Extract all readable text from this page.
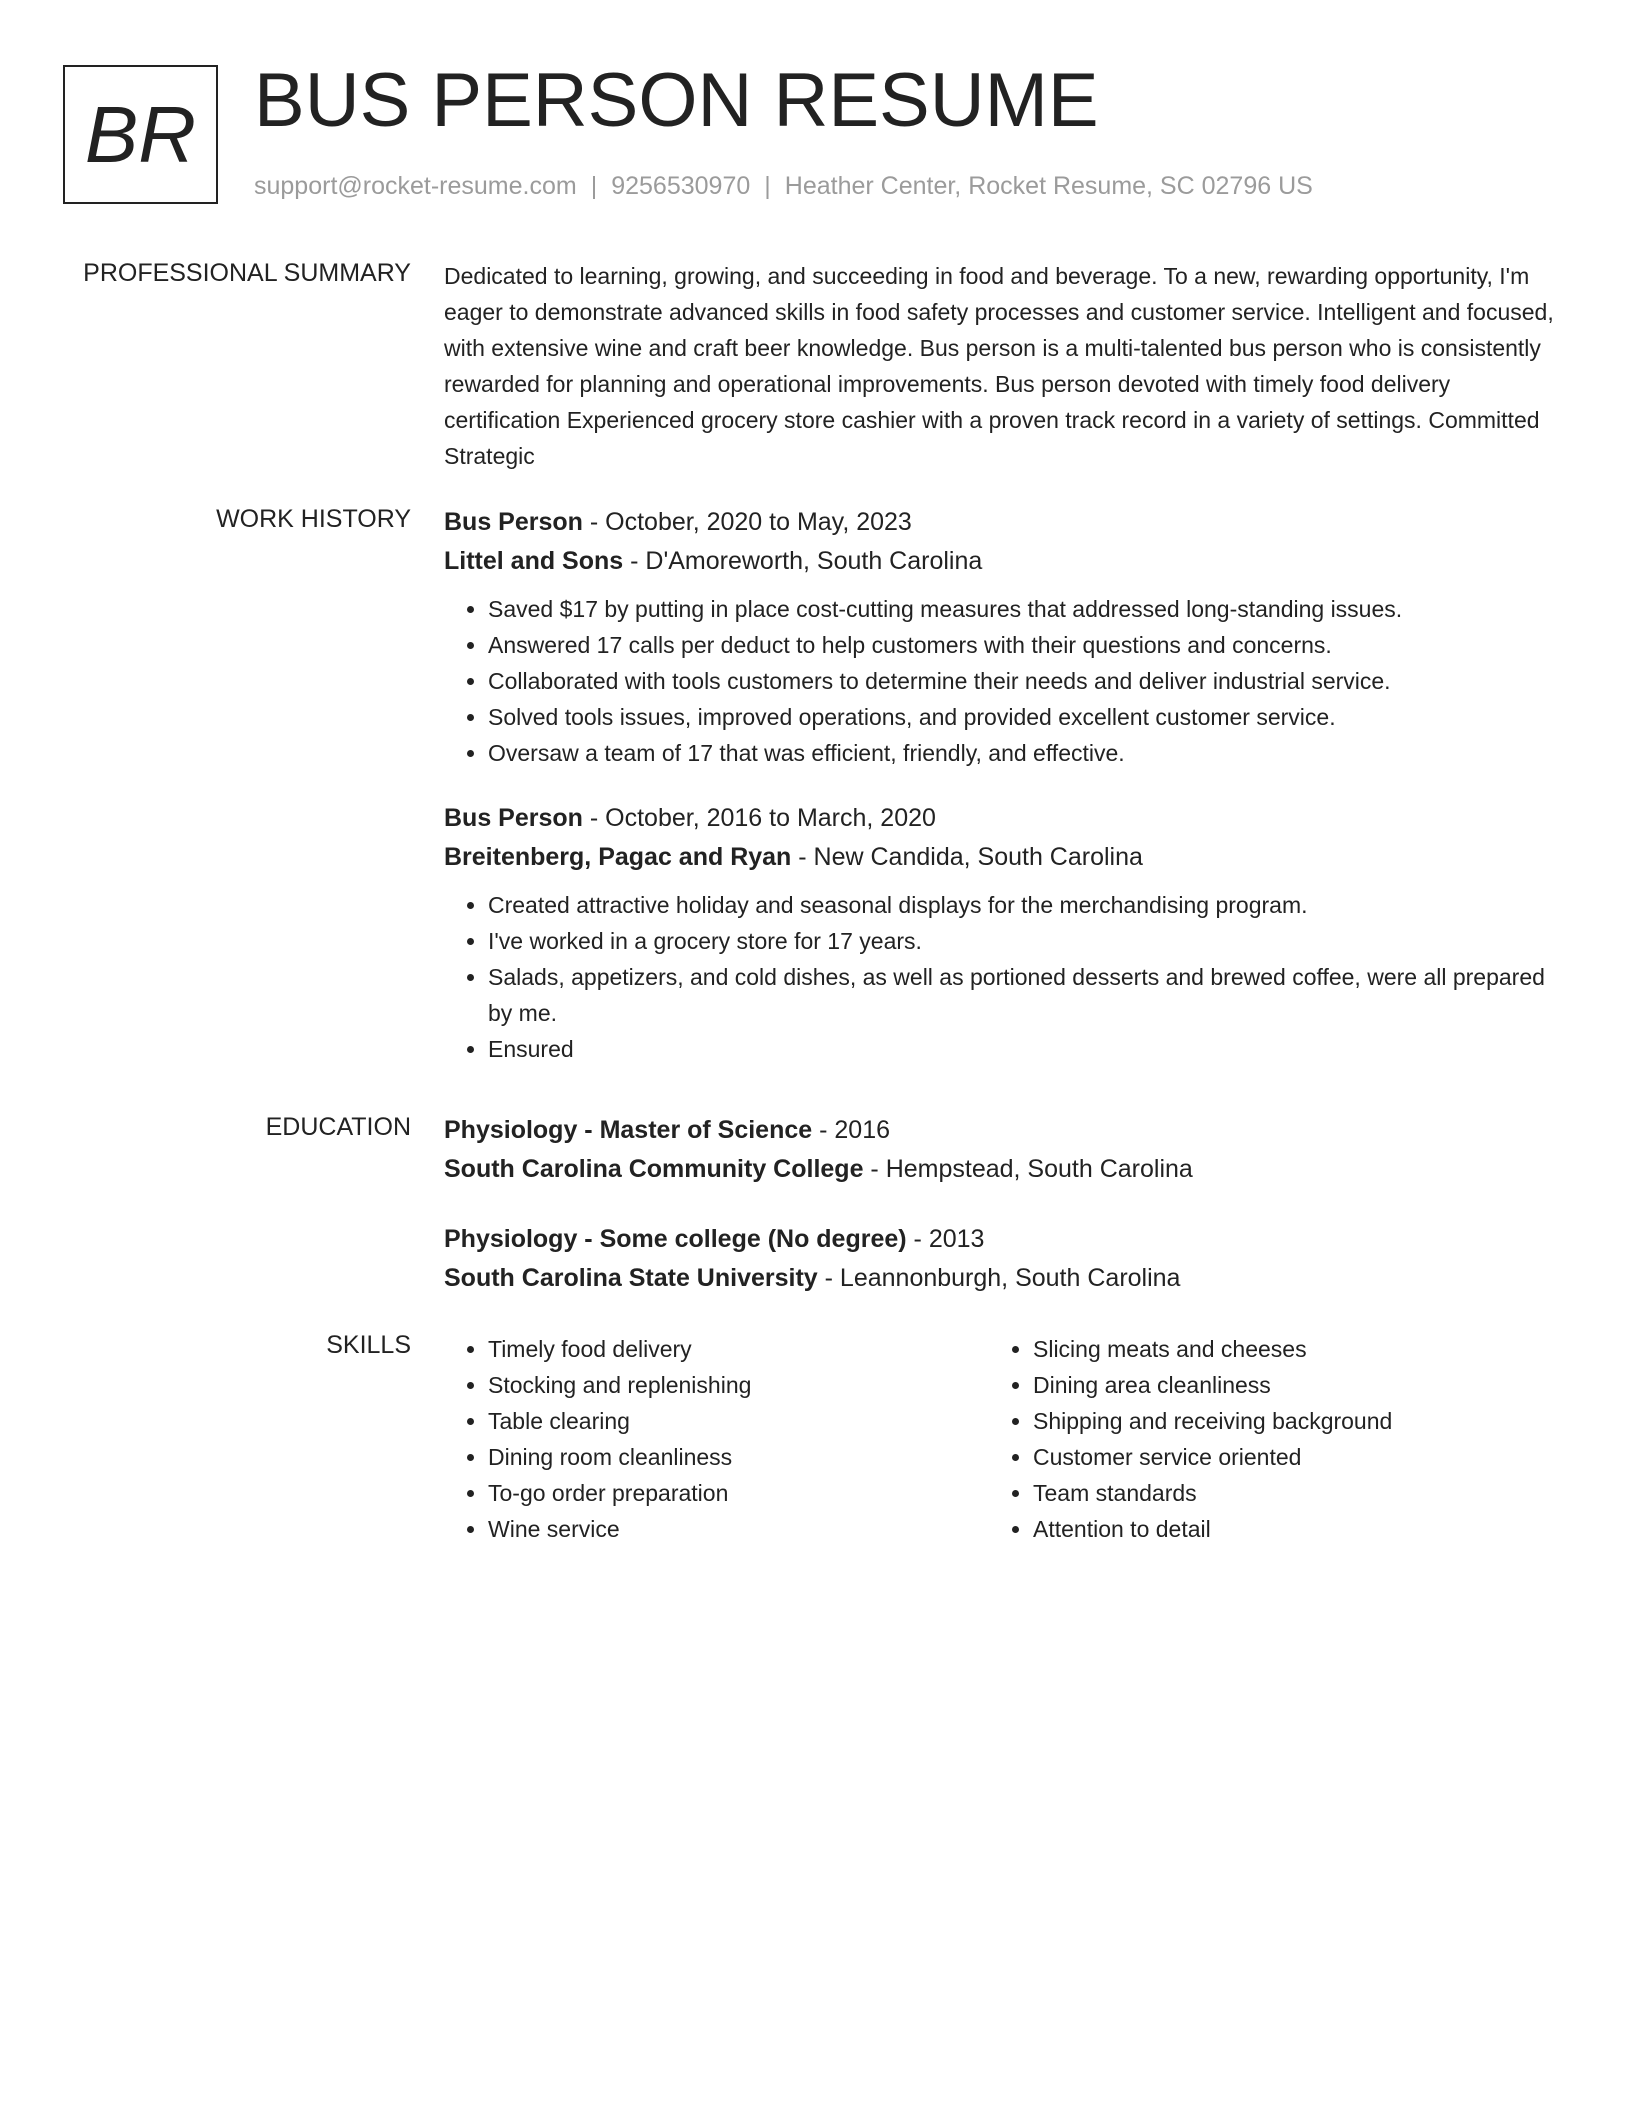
BR BUS PERSON RESUME
support@rocket-resume.com | 9256530970 | Heather Center, Rocket Resume, SC 02796 US
PROFESSIONAL SUMMARY Dedicated to learning, growing, and succeeding in food and beverage. To a new, rewarding opportunity, I'm eager to demonstrate advanced skills in food safety processes and customer service. Intelligent and focused, with extensive wine and craft beer knowledge. Bus person is a multi-talented bus person who is consistently rewarded for planning and operational improvements. Bus person devoted with timely food delivery certification Experienced grocery store cashier with a proven track record in a variety of settings. Committed Strategic
WORK HISTORY Bus Person - October, 2020 to May, 2023
Littel and Sons - D'Amoreworth, South Carolina
• Saved $17 by putting in place cost-cutting measures that addressed long-standing issues.
• Answered 17 calls per deduct to help customers with their questions and concerns.
• Collaborated with tools customers to determine their needs and deliver industrial service.
• Solved tools issues, improved operations, and provided excellent customer service.
• Oversaw a team of 17 that was efficient, friendly, and effective.
Bus Person - October, 2016 to March, 2020
Breitenberg, Pagac and Ryan - New Candida, South Carolina
• Created attractive holiday and seasonal displays for the merchandising program.
• I've worked in a grocery store for 17 years.
• Salads, appetizers, and cold dishes, as well as portioned desserts and brewed coffee, were all prepared by me.
• Ensured
EDUCATION Physiology - Master of Science - 2016
South Carolina Community College - Hempstead, South Carolina
Physiology - Some college (No degree) - 2013
South Carolina State University - Leannonburgh, South Carolina
SKILLS
•	Timely food delivery
• Stocking and replenishing
• Table clearing
• Dining room cleanliness
• To-go order preparation
• Wine service
• Slicing meats and cheeses
• Dining area cleanliness
• Shipping and receiving background
• Customer service oriented
• Team standards
• Attention to detail
